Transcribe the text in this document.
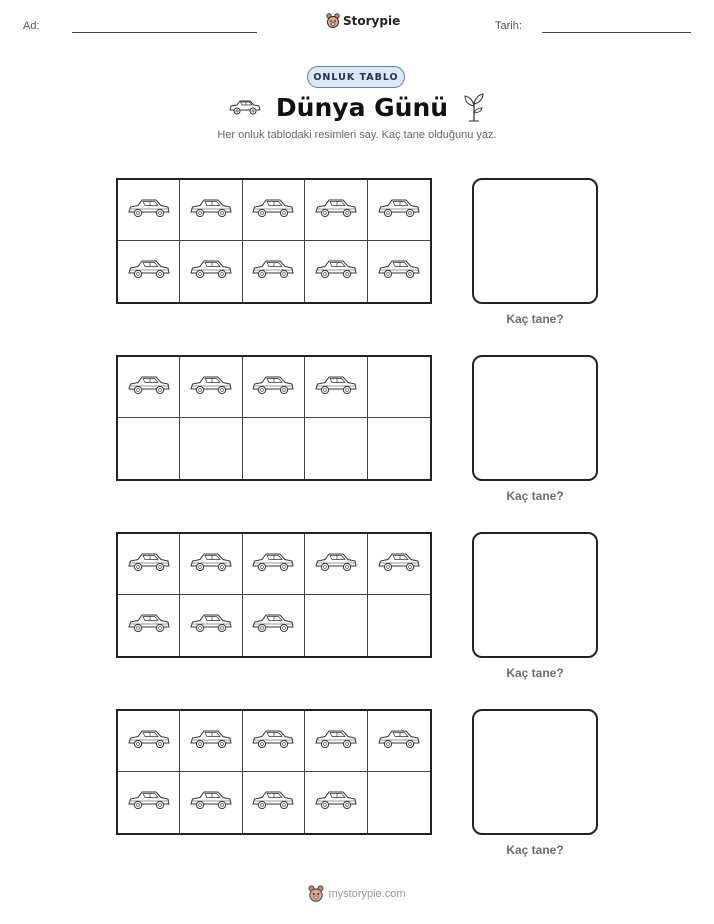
Ad:	Storypie	Tarih:
ONLUK TABLO
Dünya Günü
Her onluk tablodaki resimleri say. Kaç tane olduğunu yaz.
Kaç tane?
Kaç tane?
Kaç tane?
Kaç tane?
mystorypie.com
